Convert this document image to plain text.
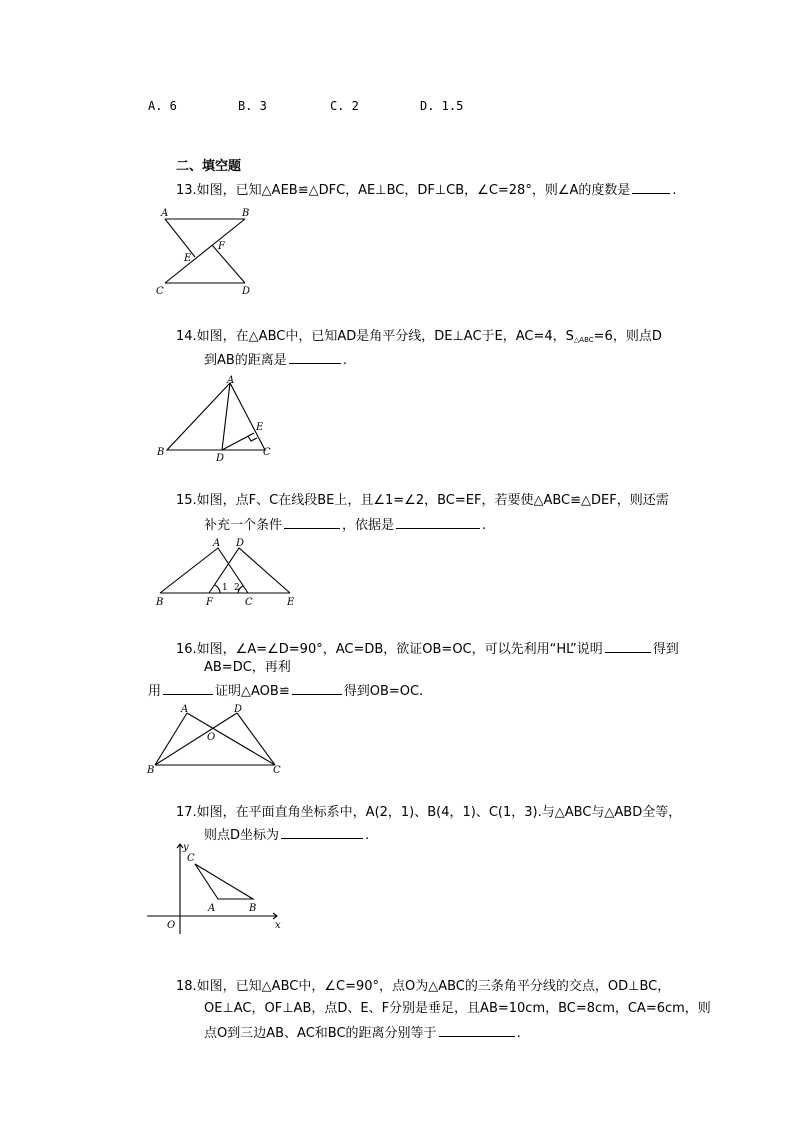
A. 6	B. 3	C. 2	D. 1.5
二、填空题
13.如图，已知△AEB≌△DFC，AE⊥BC，DF⊥CB，∠C=28°，则∠A的度数是	.
A	B
E
F
C	D
14.如图，在△ABC中，已知AD是角平分线，DE⊥AC于E，AC=4，S△ABC=6，则点D
到AB的距离是	.
A
B
D
E
C
15.如图，点F、C在线段BE上，且∠1=∠2，BC=EF，若要使△ABC≌△DEF，则还需
补充一个条件	，依据是	.
A D
1 2
B	F	C	E
16.如图，∠A=∠D=90°，AC=DB，欲证OB=OC，可以先利用“HL”说明	得到
AB=DC，再利
用	证明△AOB≌	得到OB=OC.
A	D
O
B	C
17.如图，在平面直角坐标系中，A(2，1)、B(4，1)、C(1，3).与△ABC与△ABD全等，
则点D坐标为	.
y
x
O
C
A	B
18.如图，已知△ABC中，∠C=90°，点O为△ABC的三条角平分线的交点，OD⊥BC，
OE⊥AC，OF⊥AB，点D、E、F分别是垂足，且AB=10cm，BC=8cm，CA=6cm，则
点O到三边AB、AC和BC的距离分别等于	.
